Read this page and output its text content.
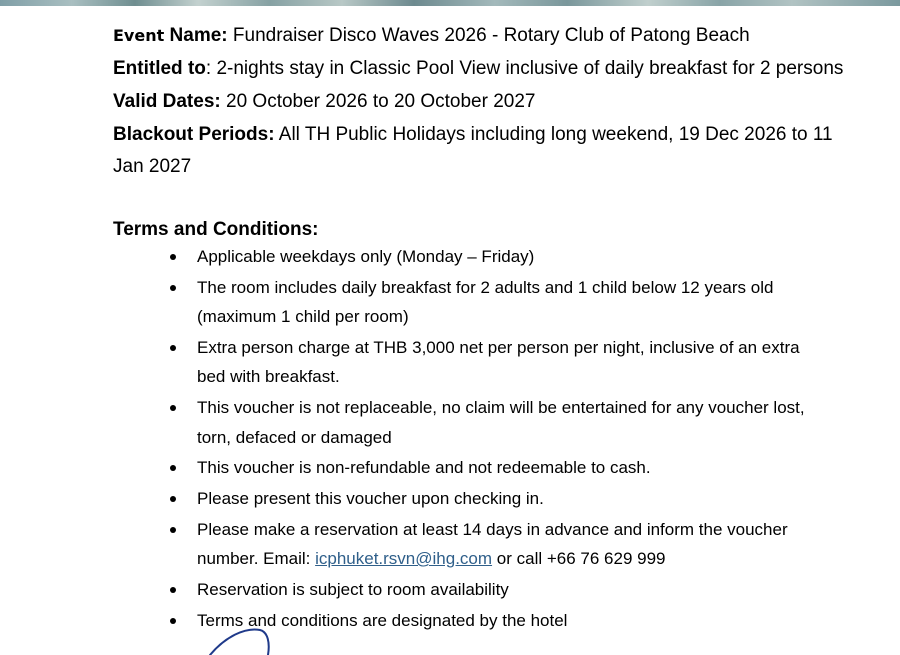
Event Name: Fundraiser Disco Waves 2026 - Rotary Club of Patong Beach
Entitled to: 2-nights stay in Classic Pool View inclusive of daily breakfast for 2 persons
Valid Dates: 20 October 2026 to 20 October 2027
Blackout Periods: All TH Public Holidays including long weekend, 19 Dec 2026 to 11 Jan 2027
Terms and Conditions:
Applicable weekdays only (Monday – Friday)
The room includes daily breakfast for 2 adults and 1 child below 12 years old (maximum 1 child per room)
Extra person charge at THB 3,000 net per person per night, inclusive of an extra bed with breakfast.
This voucher is not replaceable, no claim will be entertained for any voucher lost, torn, defaced or damaged
This voucher is non-refundable and not redeemable to cash.
Please present this voucher upon checking in.
Please make a reservation at least 14 days in advance and inform the voucher number. Email: icphuket.rsvn@ihg.com or call +66 76 629 999
Reservation is subject to room availability
Terms and conditions are designated by the hotel
